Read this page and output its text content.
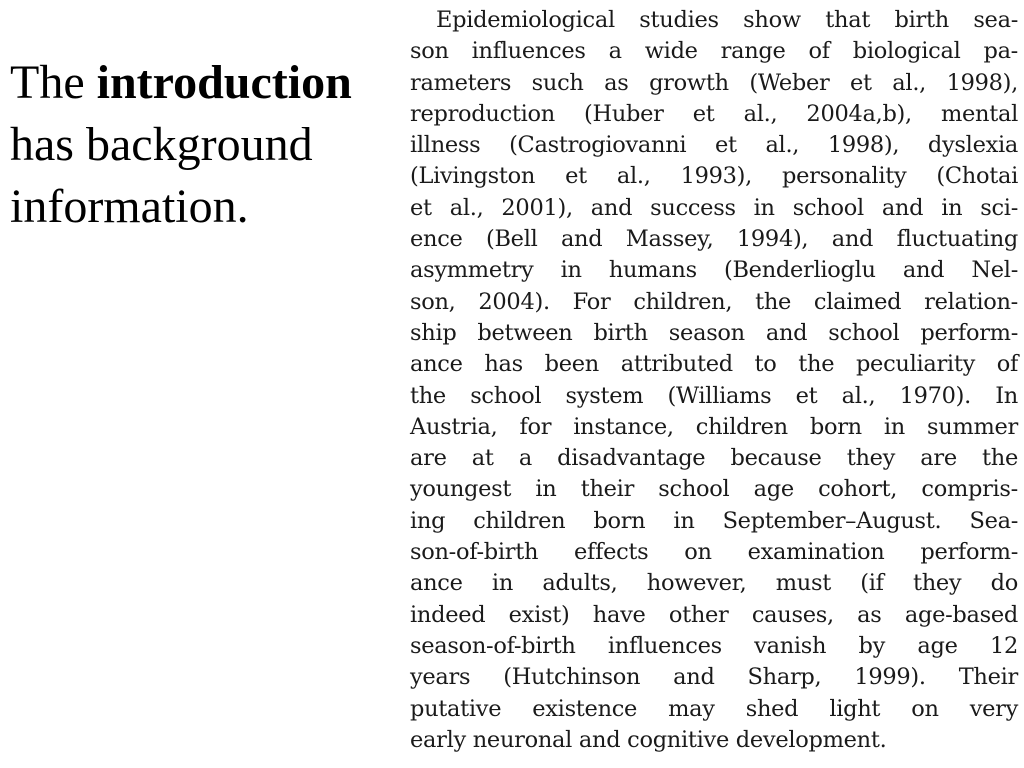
The introduction
has background
information.
Epidemiological studies show that birth sea-
son influences a wide range of biological pa-
rameters such as growth (Weber et al., 1998),
reproduction (Huber et al., 2004a,b), mental
illness (Castrogiovanni et al., 1998), dyslexia
(Livingston et al., 1993), personality (Chotai
et al., 2001), and success in school and in sci-
ence (Bell and Massey, 1994), and fluctuating
asymmetry in humans (Benderlioglu and Nel-
son, 2004). For children, the claimed relation-
ship between birth season and school perform-
ance has been attributed to the peculiarity of
the school system (Williams et al., 1970). In
Austria, for instance, children born in summer
are at a disadvantage because they are the
youngest in their school age cohort, compris-
ing children born in September–August. Sea-
son-of-birth effects on examination perform-
ance in adults, however, must (if they do
indeed exist) have other causes, as age-based
season-of-birth influences vanish by age 12
years (Hutchinson and Sharp, 1999). Their
putative existence may shed light on very
early neuronal and cognitive development.
